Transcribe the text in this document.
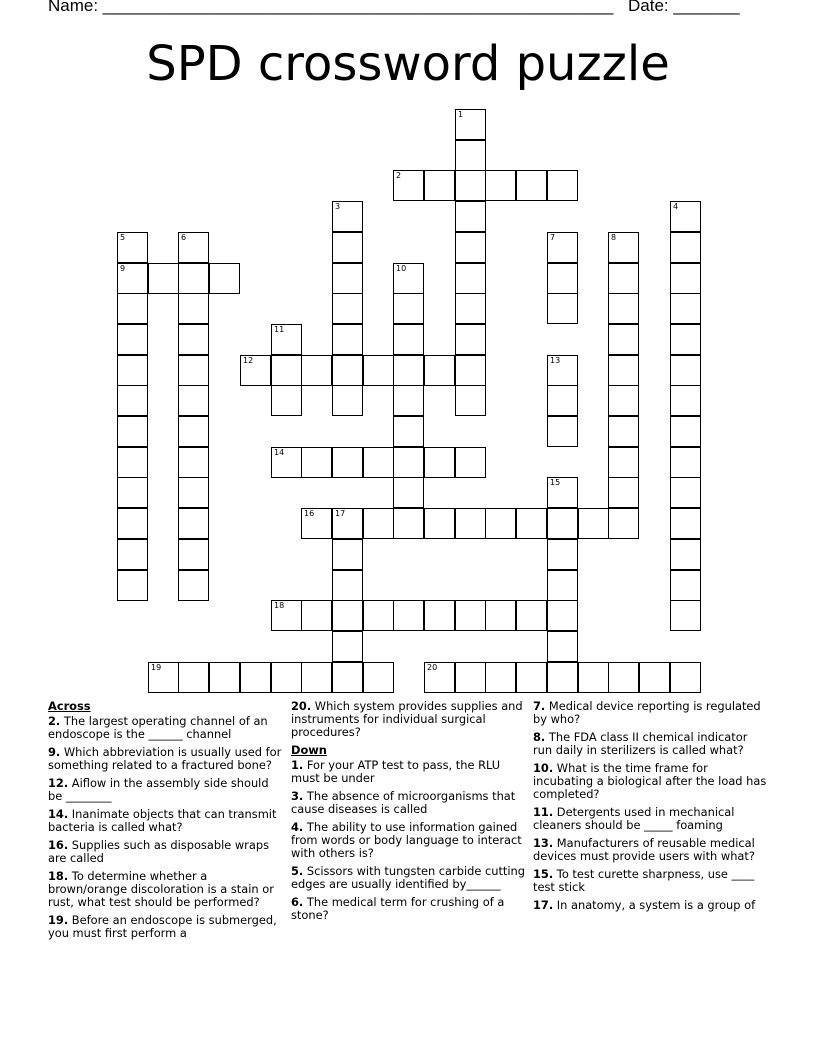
Name: ______________________________________________________ Date: _______
SPD crossword puzzle
1
2
3	4
5
9
6	7	8
10
11
12	13
14
15
16	17
18
19	20
Across
2. The largest operating channel of an endoscope is the ______ channel
9. Which abbreviation is usually used for something related to a fractured bone?
12. Aiflow in the assembly side should be ________
14. Inanimate objects that can transmit bacteria is called what?
16. Supplies such as disposable wraps are called
18. To determine whether a brown/orange discoloration is a stain or rust, what test should be performed?
19. Before an endoscope is submerged, you must first perform a
20. Which system provides supplies and instruments for individual surgical procedures?
Down
1. For your ATP test to pass, the RLU must be under
3. The absence of microorganisms that cause diseases is called
4. The ability to use information gained from words or body language to interact with others is?
5. Scissors with tungsten carbide cutting edges are usually identified by______
6. The medical term for crushing of a stone?
7. Medical device reporting is regulated by who?
8. The FDA class II chemical indicator run daily in sterilizers is called what?
10. What is the time frame for incubating a biological after the load has completed?
11. Detergents used in mechanical cleaners should be _____ foaming
13. Manufacturers of reusable medical devices must provide users with what?
15. To test curette sharpness, use ____ test stick
17. In anatomy, a system is a group of
